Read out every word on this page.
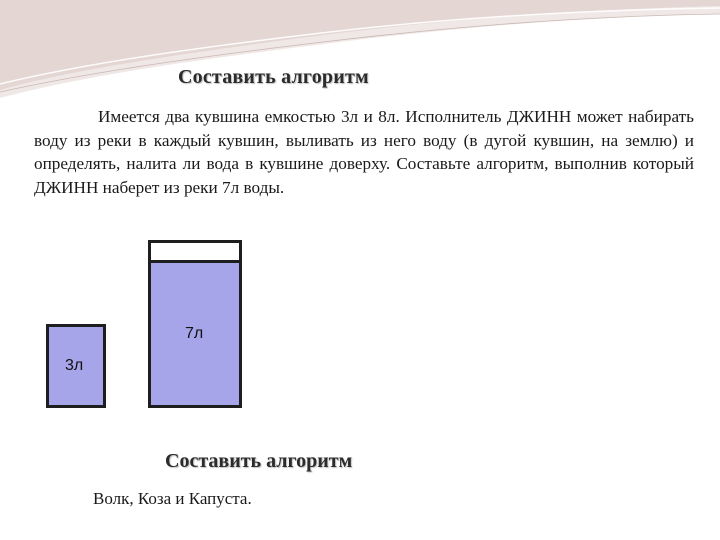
Составить алгоритм
Имеется два кувшина емкостью 3л и 8л. Исполнитель ДЖИНН может набирать воду из реки в каждый кувшин, выливать из него воду (в дугой кувшин, на землю) и определять, налита ли вода в кувшине доверху. Составьте алгоритм, выполнив который ДЖИНН наберет из реки 7л воды.
3л
7л
Составить алгоритм
Волк, Коза и Капуста.
